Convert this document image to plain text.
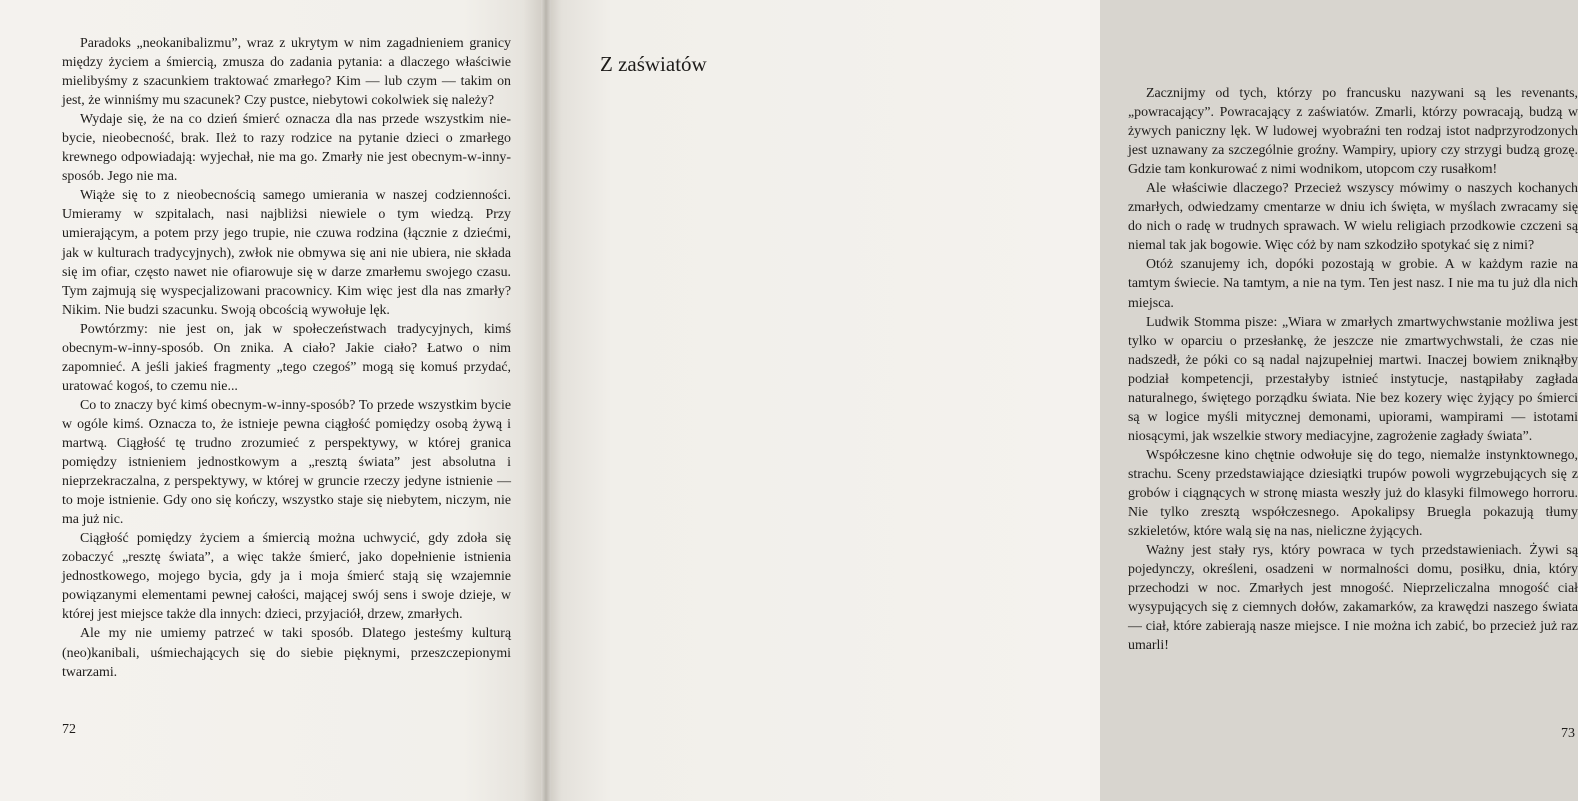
Paradoks „neokanibalizmu”, wraz z ukrytym w nim zagadnieniem granicy między życiem a śmiercią, zmusza do zadania pytania: a dlaczego właściwie mielibyśmy z szacunkiem traktować zmarłego? Kim — lub czym — takim on jest, że winniśmy mu szacunek? Czy pustce, niebytowi cokolwiek się należy?

Wydaje się, że na co dzień śmierć oznacza dla nas przede wszystkim nie-bycie, nieobecność, brak. Ileż to razy rodzice na pytanie dzieci o zmarłego krewnego odpowiadają: wyjechał, nie ma go. Zmarły nie jest obecnym-w-inny-sposób. Jego nie ma.

Wiąże się to z nieobecnością samego umierania w naszej codzienności. Umieramy w szpitalach, nasi najbliżsi niewiele o tym wiedzą. Przy umierającym, a potem przy jego trupie, nie czuwa rodzina (łącznie z dziećmi, jak w kulturach tradycyjnych), zwłok nie obmywa się ani nie ubiera, nie składa się im ofiar, często nawet nie ofiarowuje się w darze zmarłemu swojego czasu. Tym zajmują się wyspecjalizowani pracownicy. Kim więc jest dla nas zmarły? Nikim. Nie budzi szacunku. Swoją obcością wywołuje lęk.

Powtórzmy: nie jest on, jak w społeczeństwach tradycyjnych, kimś obecnym-w-inny-sposób. On znika. A ciało? Jakie ciało? Łatwo o nim zapomnieć. A jeśli jakieś fragmenty „tego czegoś” mogą się komuś przydać, uratować kogoś, to czemu nie...

Co to znaczy być kimś obecnym-w-inny-sposób? To przede wszystkim bycie w ogóle kimś. Oznacza to, że istnieje pewna ciągłość pomiędzy osobą żywą i martwą. Ciągłość tę trudno zrozumieć z perspektywy, w której granica pomiędzy istnieniem jednostkowym a „resztą świata” jest absolutna i nieprzekraczalna, z perspektywy, w której w gruncie rzeczy jedyne istnienie — to moje istnienie. Gdy ono się kończy, wszystko staje się niebytem, niczym, nie ma już nic.

Ciągłość pomiędzy życiem a śmiercią można uchwycić, gdy zdoła się zobaczyć „resztę świata”, a więc także śmierć, jako dopełnienie istnienia jednostkowego, mojego bycia, gdy ja i moja śmierć stają się wzajemnie powiązanymi elementami pewnej całości, mającej swój sens i swoje dzieje, w której jest miejsce także dla innych: dzieci, przyjaciół, drzew, zmarłych.

Ale my nie umiemy patrzeć w taki sposób. Dlatego jesteśmy kulturą (neo)kanibali, uśmiechających się do siebie pięknymi, przeszczepionymi twarzami.

72

Zacznijmy od tych, którzy po francusku nazywani są les revenants, „powracający”. Powracający z zaświatów. Zmarli, którzy powracają, budzą w żywych paniczny lęk. W ludowej wyobraźni ten rodzaj istot nadprzyrodzonych jest uznawany za szczególnie groźny. Wampiry, upiory czy strzygi budzą grozę. Gdzie tam konkurować z nimi wodnikom, utopcom czy rusałkom!

Ale właściwie dlaczego? Przecież wszyscy mówimy o naszych kochanych zmarłych, odwiedzamy cmentarze w dniu ich święta, w myślach zwracamy się do nich o radę w trudnych sprawach. W wielu religiach przodkowie czczeni są niemal tak jak bogowie. Więc cóż by nam szkodziło spotykać się z nimi?

Otóż szanujemy ich, dopóki pozostają w grobie. A w każdym razie na tamtym świecie. Na tamtym, a nie na tym. Ten jest nasz. I nie ma tu już dla nich miejsca.

Ludwik Stomma pisze: „Wiara w zmarłych zmartwychwstanie możliwa jest tylko w oparciu o przesłankę, że jeszcze nie zmartwychwstali, że czas nie nadszedł, że póki co są nadal najzupełniej martwi. Inaczej bowiem zniknąłby podział kompetencji, przestałyby istnieć instytucje, nastąpiłaby zagłada naturalnego, świętego porządku świata. Nie bez kozery więc żyjący po śmierci są w logice myśli mitycznej demonami, upiorami, wampirami — istotami niosącymi, jak wszelkie stwory mediacyjne, zagrożenie zagłady świata”.

Współczesne kino chętnie odwołuje się do tego, niemalże instynktownego, strachu. Sceny przedstawiające dziesiątki trupów powoli wygrzebujących się z grobów i ciągnących w stronę miasta weszły już do klasyki filmowego horroru. Nie tylko zresztą współczesnego. Apokalipsy Bruegla pokazują tłumy szkieletów, które walą się na nas, nieliczne żyjących.

Ważny jest stały rys, który powraca w tych przedstawieniach. Żywi są pojedynczy, określeni, osadzeni w normalności domu, posiłku, dnia, który przechodzi w noc. Zmarłych jest mnogość. Nieprzeliczalna mnogość ciał wysypujących się z ciemnych dołów, zakamarków, za krawędzi naszego świata — ciał, które zabierają nasze miejsce. I nie można ich zabić, bo przecież już raz umarli!

73
Z zaświatów
